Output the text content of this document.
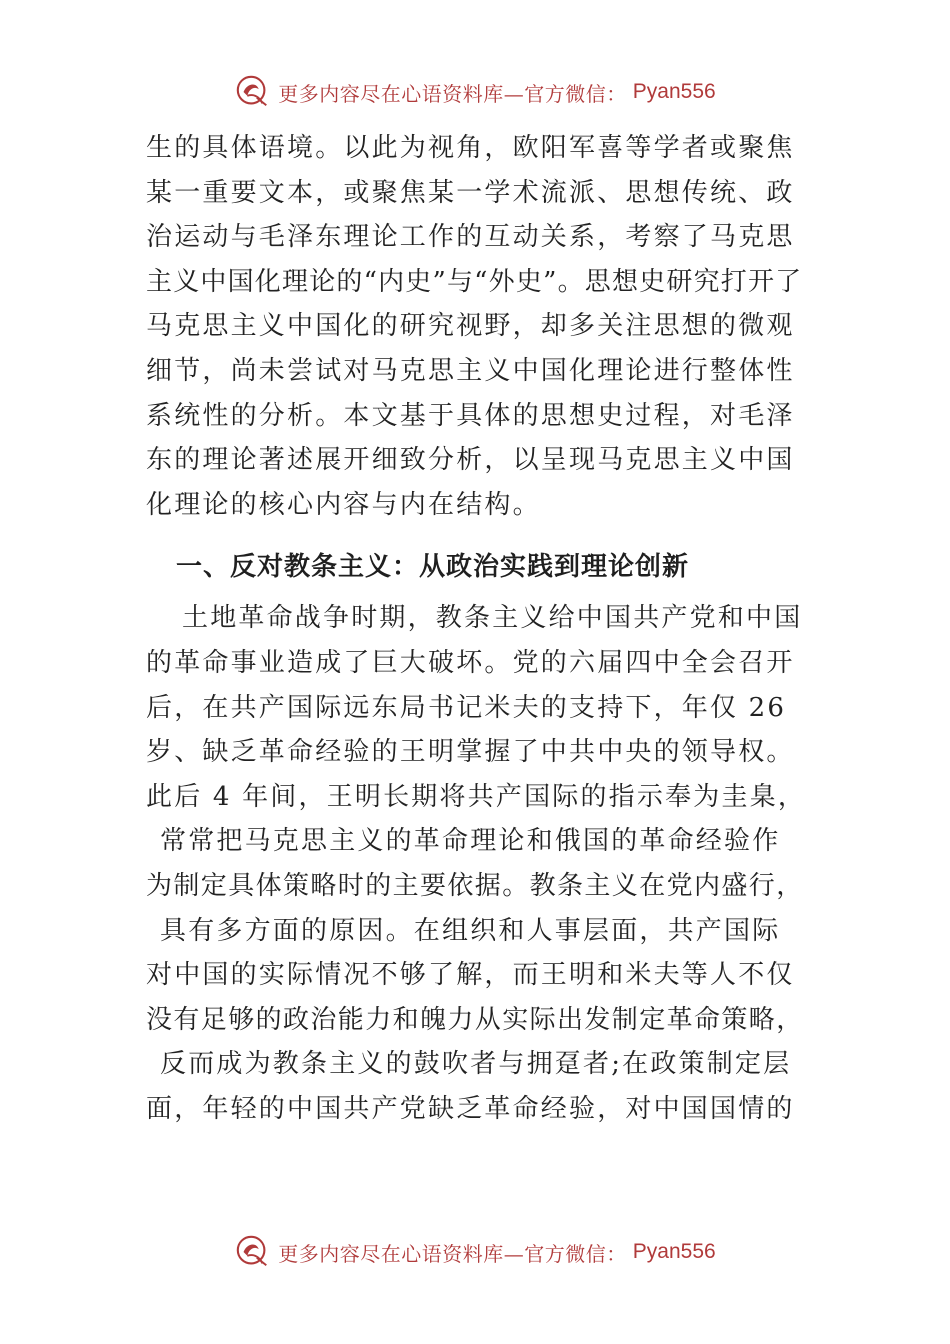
更多内容尽在心语资料库—官方微信： Pyan556
生的具体语境。以此为视角，欧阳军喜等学者或聚焦
某一重要文本，或聚焦某一学术流派、思想传统、政
治运动与毛泽东理论工作的互动关系，考察了马克思
主义中国化理论的“内史”与“外史”。思想史研究打开了
马克思主义中国化的研究视野，却多关注思想的微观
细节，尚未尝试对马克思主义中国化理论进行整体性
系统性的分析。本文基于具体的思想史过程，对毛泽
东的理论著述展开细致分析，以呈现马克思主义中国
化理论的核心内容与内在结构。
一、反对教条主义：从政治实践到理论创新
土地革命战争时期，教条主义给中国共产党和中国
的革命事业造成了巨大破坏。党的六届四中全会召开
后，在共产国际远东局书记米夫的支持下，年仅 26
岁、缺乏革命经验的王明掌握了中共中央的领导权。
此后 4 年间，王明长期将共产国际的指示奉为圭臬，
常常把马克思主义的革命理论和俄国的革命经验作
为制定具体策略时的主要依据。教条主义在党内盛行，
具有多方面的原因。在组织和人事层面，共产国际
对中国的实际情况不够了解，而王明和米夫等人不仅
没有足够的政治能力和魄力从实际出发制定革命策略，
反而成为教条主义的鼓吹者与拥趸者;在政策制定层
面，年轻的中国共产党缺乏革命经验，对中国国情的
更多内容尽在心语资料库—官方微信： Pyan556
